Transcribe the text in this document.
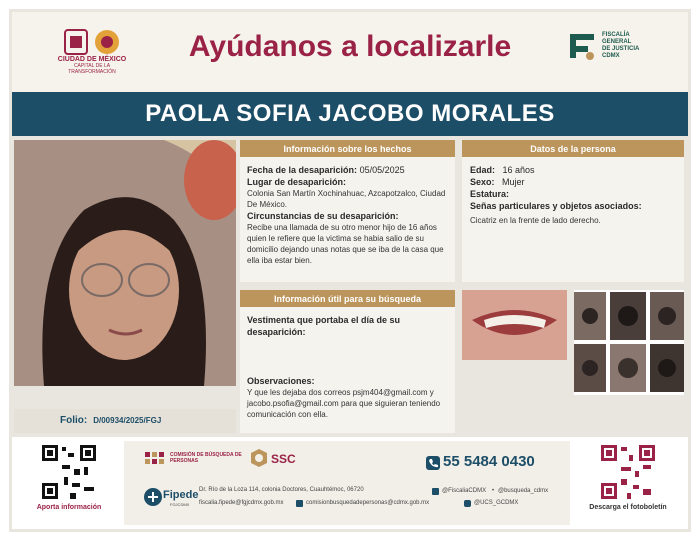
CIUDAD DE MÉXICO
CAPITAL DE LA TRANSFORMACIÓN
Ayúdanos a localizarle	FISCALÍA
GENERAL
DE JUSTICIA
CDMX
PAOLA SOFIA JACOBO MORALES
Folio: D/00934/2025/FGJ
Información sobre los hechos
Fecha de la desaparición: 05/05/2025
Lugar de desaparición:
Colonia San Martín Xochinahuac, Azcapotzalco, Ciudad De México.
Circunstancias de su desaparición:
Recibe una llamada de su otro menor hijo de 16 años quien le refiere que la victima se habia salio de su domicilio dejando unas notas que se iba de la casa que ella iba estar bien.
Datos de la persona
Edad: 16 años
Sexo: Mujer
Estatura:
Señas particulares y objetos asociados:
Cicatriz en la frente de lado derecho.
Información útil para su búsqueda
Vestimenta que portaba el día de su desaparición:
Observaciones:
Y que les dejaba dos correos psjm404@gmail.com y jacobo.psofia@gmail.com para que siguieran teniendo comunicación con ella.
Aporta información
COMISIÓN DE BÚSQUEDA DE PERSONAS	SSC	55 5484 0430
Fipede
FGJCDMX
Dr. Río de la Loza 114, colonia Doctores, Cuauhtémoc, 06720
fiscalia.fipede@fgjcdmx.gob.mx	comisionbusquedadepersonas@cdmx.gob.mx
@FiscaliaCDMX • @busqueda_cdmx
@UCS_GCDMX
Descarga el fotoboletín
